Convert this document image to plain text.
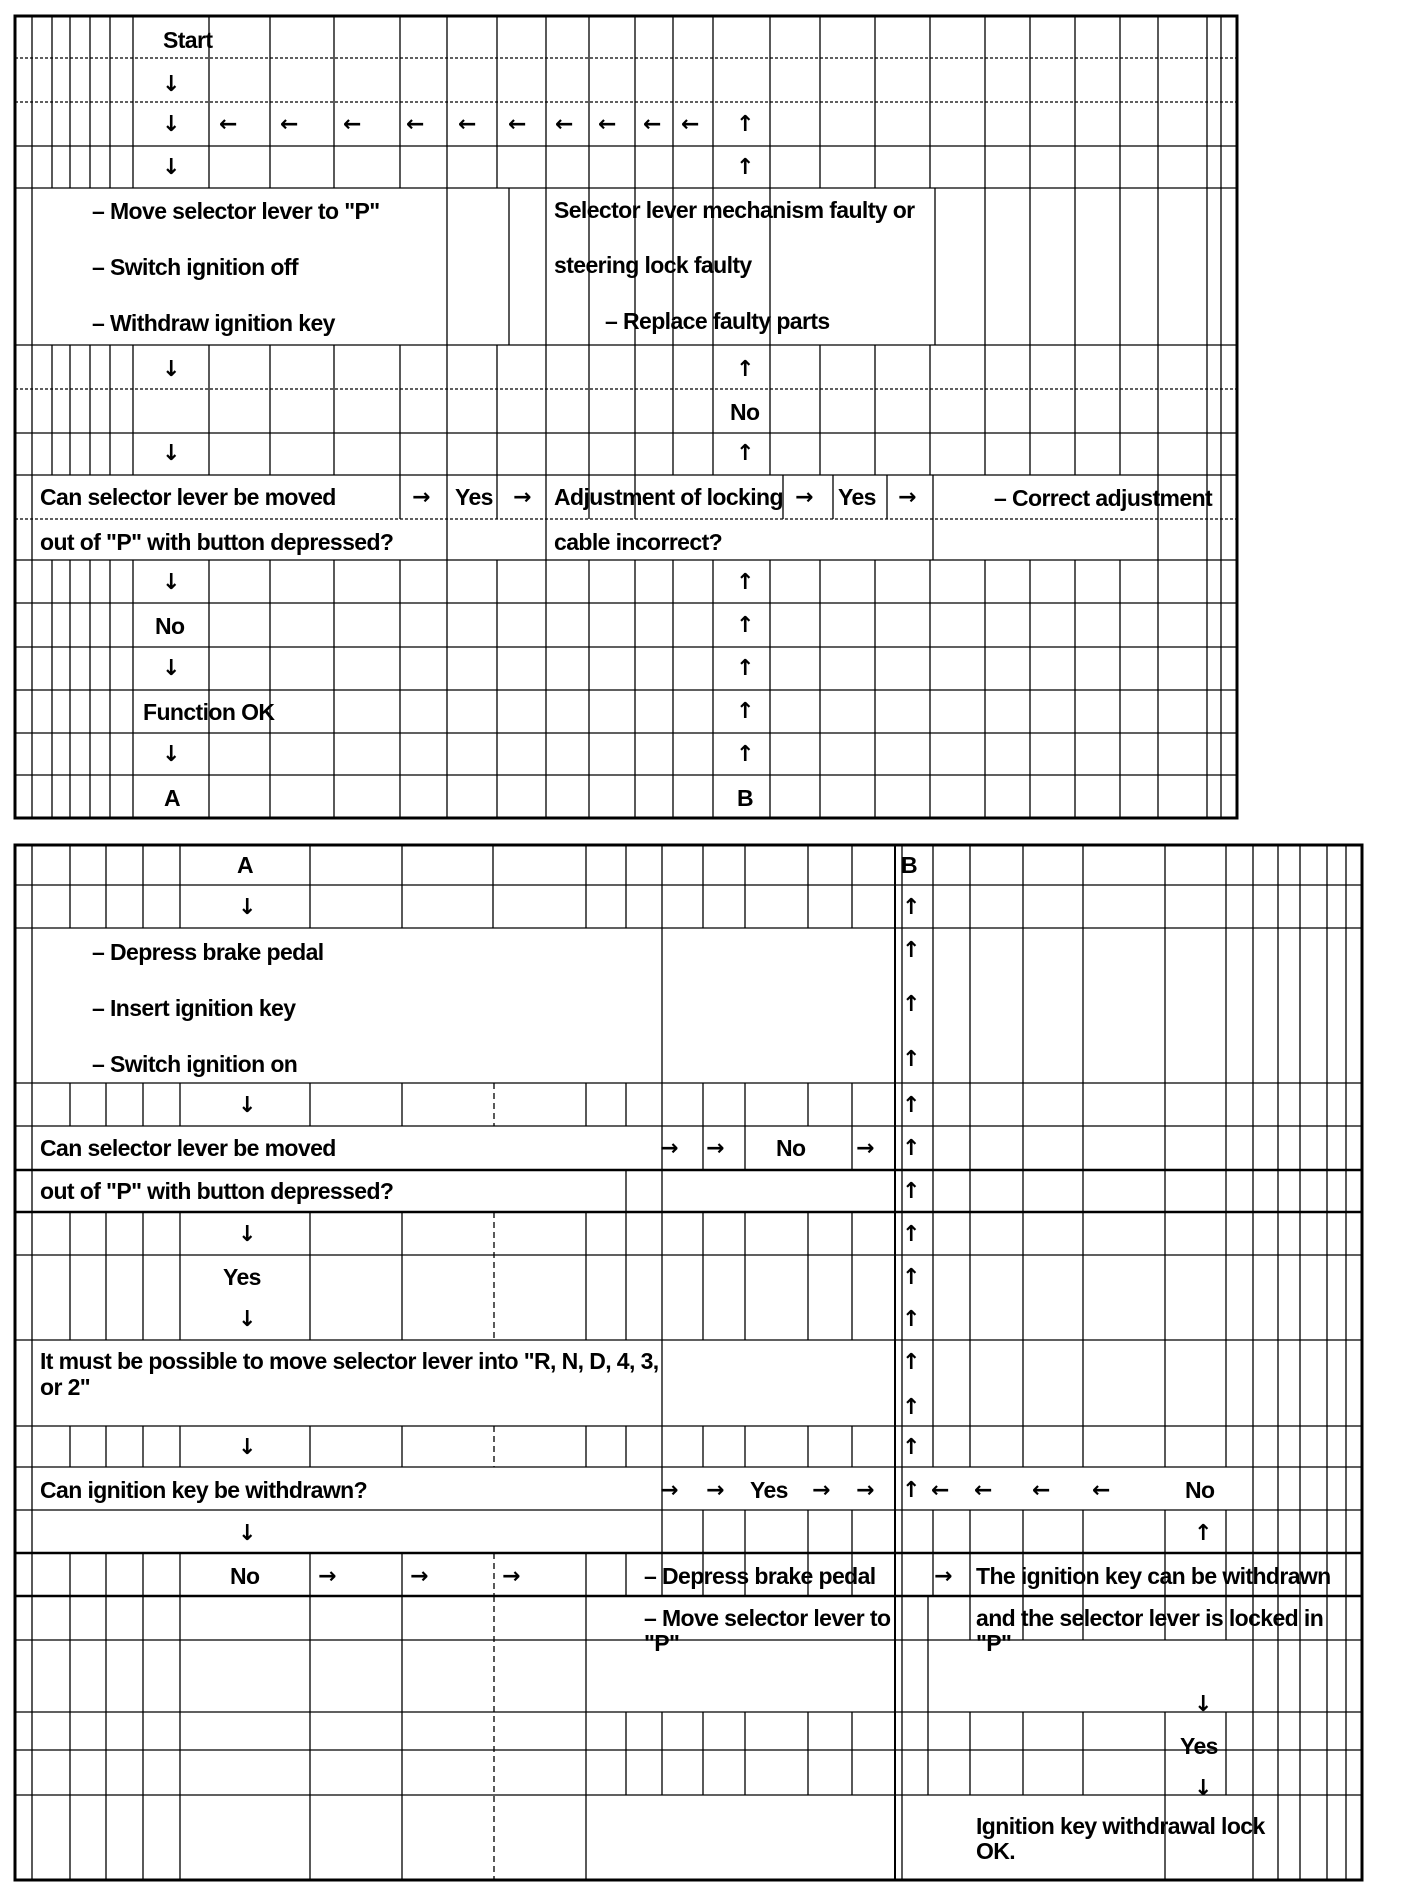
Start
↓
↓ ← ← ← ← ← ← ← ← ← ← ↑
↓	↑
– Move selector lever to "P"
– Switch ignition off
– Withdraw ignition key
Selector lever mechanism faulty or
steering lock faulty
– Replace faulty parts
↓	↑
↓
No
↑
Can selector lever be moved
out of "P" with button depressed?
→ Yes → Adjustment of locking
cable incorrect?
→ Yes →	– Correct adjustment
↓	↑
No	↑
↓	↑
Function OK	↑
↓	↑
A	B
A	B
↓	↑
– Depress brake pedal
– Insert ignition key
– Switch ignition on
↑
↑
↑
↓	↑
Can selector lever be moved	→ → No → ↑
out of "P" with button depressed?	↑
↓	↑
Yes	↑
↓	↑
It must be possible to move selector lever into "R, N, D, 4, 3, or 2"
↑
↑
↓	↑
Can ignition key be withdrawn?	→ → Yes → → ↑ ← ← ← ←	No
↓	↑
No	→	→	→	– Depress brake pedal	→ The ignition key can be withdrawn
– Move selector lever to "P"
and the selector lever is locked in "P"
↓
Yes
↓
Ignition key withdrawal lock OK.
